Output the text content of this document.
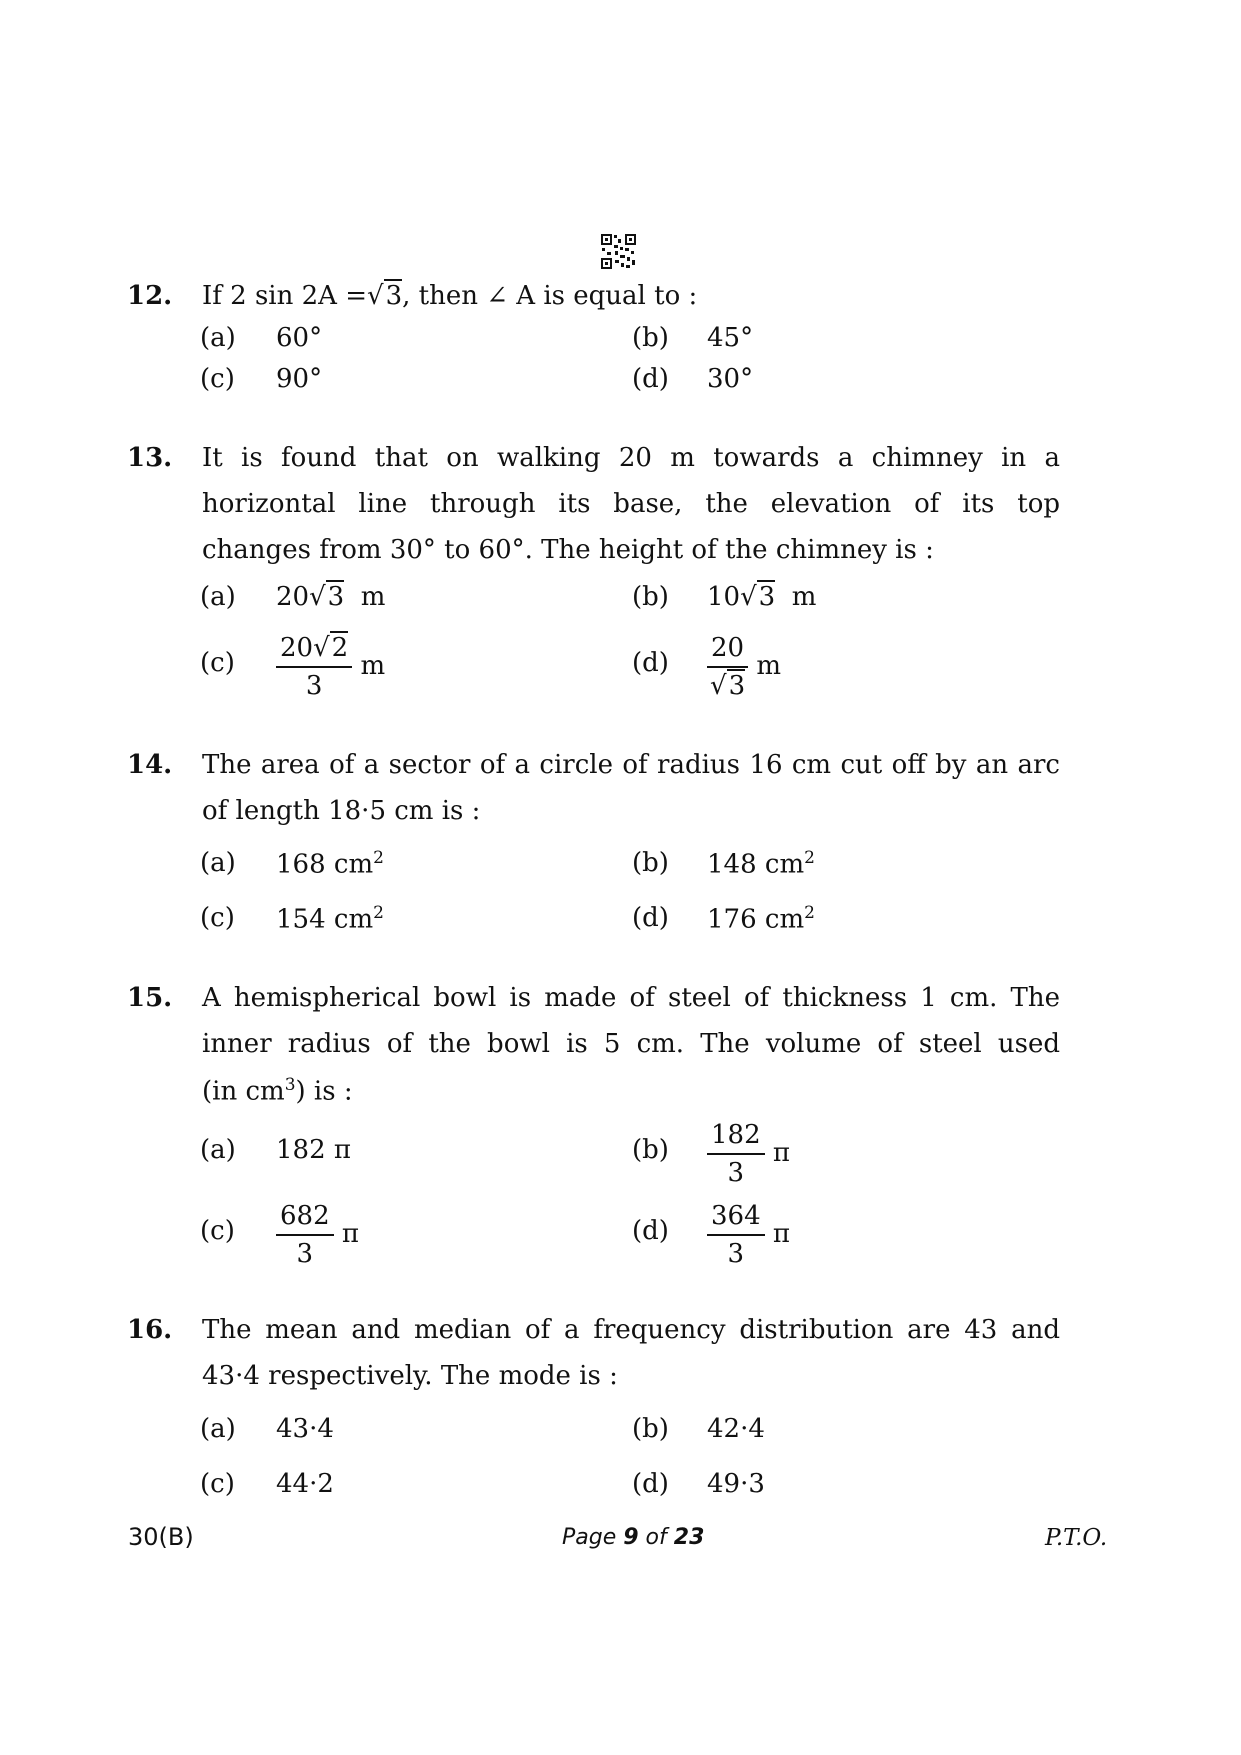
12. If 2 sin 2A =√3, then ∠ A is equal to :
(a) 60°	(b) 45°
(c) 90°	(d) 30°
13. It is found that on walking 20 m towards a chimney in a
horizontal line through its base, the elevation of its top
changes from 30° to 60°. The height of the chimney is :
(a) 20√3 m	(b) 10√3 m
$(c) \frac{20√2}{3}$ m	$(d) \frac{20}{√3}$ m
14. The area of a sector of a circle of radius 16 cm cut off by an arc
of length 18·5 cm is :
(a) 168 $cm^2$	(b) 148 $cm^2$
(c) 154 $cm^2$	(d) 176 $cm^2$
15. A hemispherical bowl is made of steel of thickness 1 cm. The
inner radius of the bowl is 5 cm. The volume of steel used
(in $cm^3$) is :
(a) 182 π	$(b) \frac{182}{3}$ π
$(c) \frac{682}{3}$ π	$(d) \frac{364}{3}$ π
16. The mean and median of a frequency distribution are 43 and
43·4 respectively. The mode is :
(a) 43·4	(b) 42·4
(c) 44·2	(d) 49·3
30(B)	Page 9 of 23	P.T.O.
